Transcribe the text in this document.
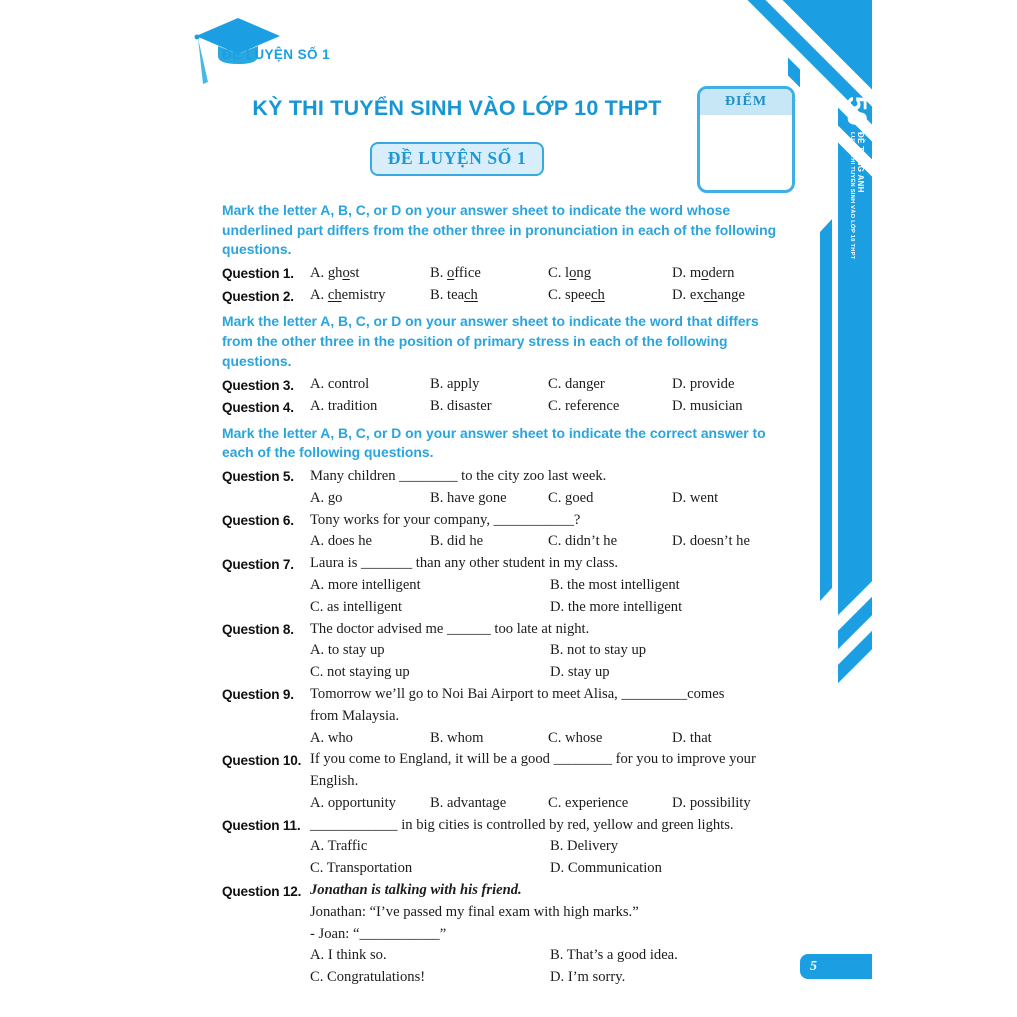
50
ĐỀ TIẾNG ANH
LUYỆN THI TUYỂN SINH VÀO LỚP 10 THPT
ĐỀ LUYỆN SỐ 1
KỲ THI TUYỂN SINH VÀO LỚP 10 THPT
ĐỀ LUYỆN SỐ 1
ĐIỂM
Mark the letter A, B, C, or D on your answer sheet to indicate the word whose underlined part differs from the other three in pronunciation in each of the following questions.
Question 1.	A. ghost	B. office	C. long	D. modern
Question 2.	A. chemistry	B. teach	C. speech	D. exchange
Mark the letter A, B, C, or D on your answer sheet to indicate the word that differs from the other three in the position of primary stress in each of the following questions.
Question 3.	A. control	B. apply	C. danger	D. provide
Question 4.	A. tradition	B. disaster	C. reference	D. musician
Mark the letter A, B, C, or D on your answer sheet to indicate the correct answer to each of the following questions.
Question 5.	Many children ________ to the city zoo last week.
A. go	B. have gone	C. goed	D. went
Question 6.	Tony works for your company, ___________?
A. does he	B. did he	C. didn’t he	D. doesn’t he
Question 7.	Laura is _______ than any other student in my class.
A. more intelligent	B. the most intelligent
C. as intelligent	D. the more intelligent
Question 8.	The doctor advised me ______ too late at night.
A. to stay up	B. not to stay up
C. not staying up	D. stay up
Question 9.	Tomorrow we’ll go to Noi Bai Airport to meet Alisa, _________comes
from Malaysia.
A. who	B. whom	C. whose	D. that
Question 10. If you come to England, it will be a good ________ for you to improve your
English.
A. opportunity	B. advantage	C. experience	D. possibility
Question 11. ____________ in big cities is controlled by red, yellow and green lights.
A. Traffic	B. Delivery
C. Transportation	D. Communication
Question 12. Jonathan is talking with his friend.
Jonathan: “I’ve passed my final exam with high marks.”
- Joan: “___________”
A. I think so.	B. That’s a good idea.
C. Congratulations!	D. I’m sorry.
5
